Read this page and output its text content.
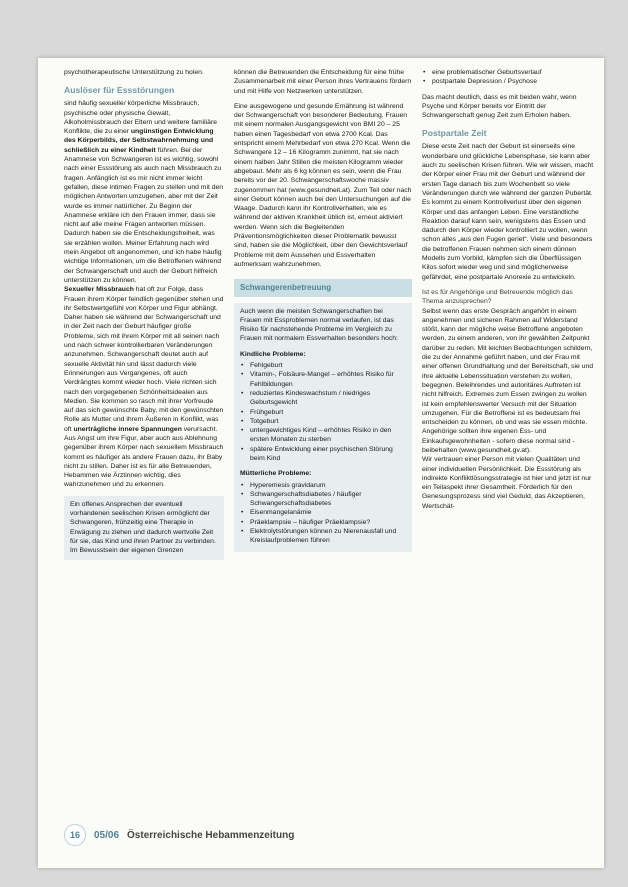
psychotherapeutische Unterstützung zu holen.

Auslöser für Essstörungen

sind häufig sexuelle/ körperliche Missbrauch, psychische oder physische Gewalt, Alkoholmissbrauch der Eltern und weitere familiäre Konflikte, die zu einer ungünstigen Entwicklung des Körperbilds, der Selbstwahrnehmung und schließlich zu einer Kindheit führen. Bei der Anamnese von Schwangeren ist es wichtig, sowohl nach einer Essstörung als auch nach Missbrauch zu fragen. Anfänglich ist es mir nicht immer leicht gefallen, diese intimen Fragen zu stellen und mit den möglichen Antworten umzugehen, aber mit der Zeit wurde es immer natürlicher. Zu Beginn der Anamnese erkläre ich den Frauen immer, dass sie nicht auf alle meine Fragen antworten müssen. Dadurch haben sie die Entscheidungsfreiheit, was sie erzählen wollen. Meiner Erfahrung nach wird mein Angebot oft angenommen, und ich habe häufig wichtige Informationen, um die Betroffenen während der Schwangerschaft und auch der Geburt hilfreich unterstützen zu können.

Sexueller Missbrauch hat oft zur Folge, dass Frauen ihrem Körper feindlich gegenüber stehen und ihr Selbstwertgefühl von Körper und Figur abhängt. Daher haben sie während der Schwangerschaft und in der Zeit nach der Geburt häufiger große Probleme, sich mit ihrem Körper mit all seinen nach und nach schwer kontrollierbaren Veränderungen anzunehmen. Schwangerschaft deutet auch auf sexuelle Aktivität hin und lässt dadurch viele Erinnerungen aus Vergangenes, oft auch Verdrängtes kommt wieder hoch. Viele richten sich nach den vorgegebenen Schönheitsidealen aus Medien. Sie kommen so rasch mit ihrer Vorfreude auf das sich gewünschte Baby, mit den gewünschten Rolle als Mutter und ihrem Äußeren in Konflikt, was oft unerträgliche innere Spannungen verursacht. Aus Angst um ihre Figur, aber auch aus Ablehnung gegenüber ihrem Körper nach sexuellem Missbrauch kommt es häufiger als andere Frauen dazu, ihr Baby nicht zu stillen. Daher ist es für alle Betreuenden, Hebammen wie Ärztinnen wichtig, dies wahrzunehmen und zu erkennen.

Ein offenes Ansprechen der eventuell vorhandenen seelischen Krisen ermöglicht der Schwangeren, frühzeitig eine Therapie in Erwägung zu ziehen und dadurch wertvolle Zeit für sie, das Kind und ihren Partner zu verbinden. Im Bewusstsein der eigenen Grenzen

können die Betreuenden die Entscheidung für eine frühe Zusammenarbeit mit einer Person ihres Vertrauens fördern und mit Hilfe von Netzwerken unterstützen.

Eine ausgewogene und gesunde Ernährung ist während der Schwangerschaft von besonderer Bedeutung. Frauen mit einem normalen Ausgangsgewicht von BMI 20 – 25 haben einen Tagesbedarf von etwa 2700 Kcal. Das entspricht einem Mehrbedarf von etwa 270 Kcal. Wenn die Schwangere 12 – 16 Kilogramm zunimmt, hat sie nach einem halben Jahr Stillen die meisten Kilogramm wieder abgebaut. Mehr als 6 kg können es sein, wenn die Frau bereits vor der 20. Schwangerschaftswoche massiv zugenommen hat (www.gesundheit.at). Zum Teil oder nach einer Geburt können auch bei den Untersuchungen auf die Waage. Dadurch kann ihr Kontrollverhalten, wie es während der aktiven Krankheit üblich ist, erneut aktiviert werden. Wenn sich die Begleitenden Präventionsmöglichkeiten dieser Problematik bewusst sind, haben sie die Möglichkeit, über den Gewichtsverlauf Probleme mit dem Aussehen und Essverhalten aufmerksam wahrzunehmen.

Schwangerenbetreuung

Auch wenn die meisten Schwangerschaften bei Frauen mit Essproblemen normal verlaufen, ist das Risiko für nachstehende Probleme im Vergleich zu Frauen mit normalem Essverhalten besonders hoch:

Kindliche Probleme:
• Fehlgeburt
• Vitamin-, Folsäure-Mangel – erhöhtes Risiko für Fehlbildungen
• reduziertes Kindeswachstum / niedriges Geburtsgewicht
• Frühgeburt
• Totgeburt
• untergewichtiges Kind – erhöhtes Risiko in den ersten Monaten zu sterben
• spätere Entwicklung einer psychischen Störung beim Kind
Mütterliche Probleme:
• Hyperemesis gravidarum
• Schwangerschaftsdiabetes / häufiger Schwangerschaftsdiabetes
• Eisenmangelanämie
• Präeklampsie – häufiger Präeklampsie?
• Elektrolytstörungen können zu Nierenausfall und Kreislaufproblemen führen
• eine problematischer Geburtsverlauf
• postpartale Depression / Psychose

Das macht deutlich, dass es mit beiden wahr, wenn Psyche und Körper bereits vor Eintritt der Schwangerschaft genug Zeit zum Erholen haben.

Postpartale Zeit

Diese erste Zeit nach der Geburt ist einerseits eine wunderbare und glückliche Lebensphase, sie kann aber auch zu seelischen Krisen führen. Wie wir wissen, macht der Körper einer Frau mit der Geburt und während der ersten Tage danach bis zum Wochenbett so viele Veränderungen durch wie während der ganzen Pubertät. Es kommt zu einem Kontrollverlust über den eigenen Körper und das anfangen Leben. Eine verständliche Reaktion darauf kann sein, wenigstens das Essen und dadurch den Körper wieder kontrolliert zu wollen, wenn schon alles „aus den Fugen geriet“. Viele und besonders die betroffenen Frauen nehmen sich einem dünnen Modells zum Vorbild, kämpfen sich die Überflüssigen Kilos sofort wieder weg und sind möglicherweise gefährdet, eine postpartale Anorexie zu entwickeln.

Ist es für Angehörige und Betreuende möglich das Thema anzusprechen?

Selbst wenn das erste Gespräch angehört in einem angenehmen und sicheren Rahmen auf Widerstand stößt, kann der mögliche weise Betroffene angeboten werden, zu einem anderen, von ihr gewählten Zeitpunkt darüber zu reden. Mit leichten Beobachtungen schildern, die zu der Annahme geführt haben, und der Frau mit einer offenen Grundhaltung und der Bereitschaft, sie und ihre aktuelle Lebenssituation verstehen zu wollen, begegnen. Beleihrendes und autoritäres Auftreten ist nicht hilfreich. Extremes zum Essen zwingen zu wollen ist kein empfehlenswerter Versuch mit der Situation umzugehen. Für die Betroffene ist es bedeutsam frei entscheiden zu können, ob und was sie essen möchte. Angehörige sollten ihre eigenen Ess- und Einkaufsgewohnheiten - sofern diese normal sind - beibehalten (www.gesundheit.gv.at).

Wir vertrauen einer Person mit vielen Qualitäten und einer individuellen Persönlichkeit. Die Essstörung als indirekte Konfliktlösungsstrategie ist hier und jetzt ist nur ein Teilaspekt ihrer Gesamtheit. Förderlich für den Genesungsprozess sind viel Geduld, das Akzeptieren, Wertschät-

16	05/06 Österreichische Hebammenzeitung
